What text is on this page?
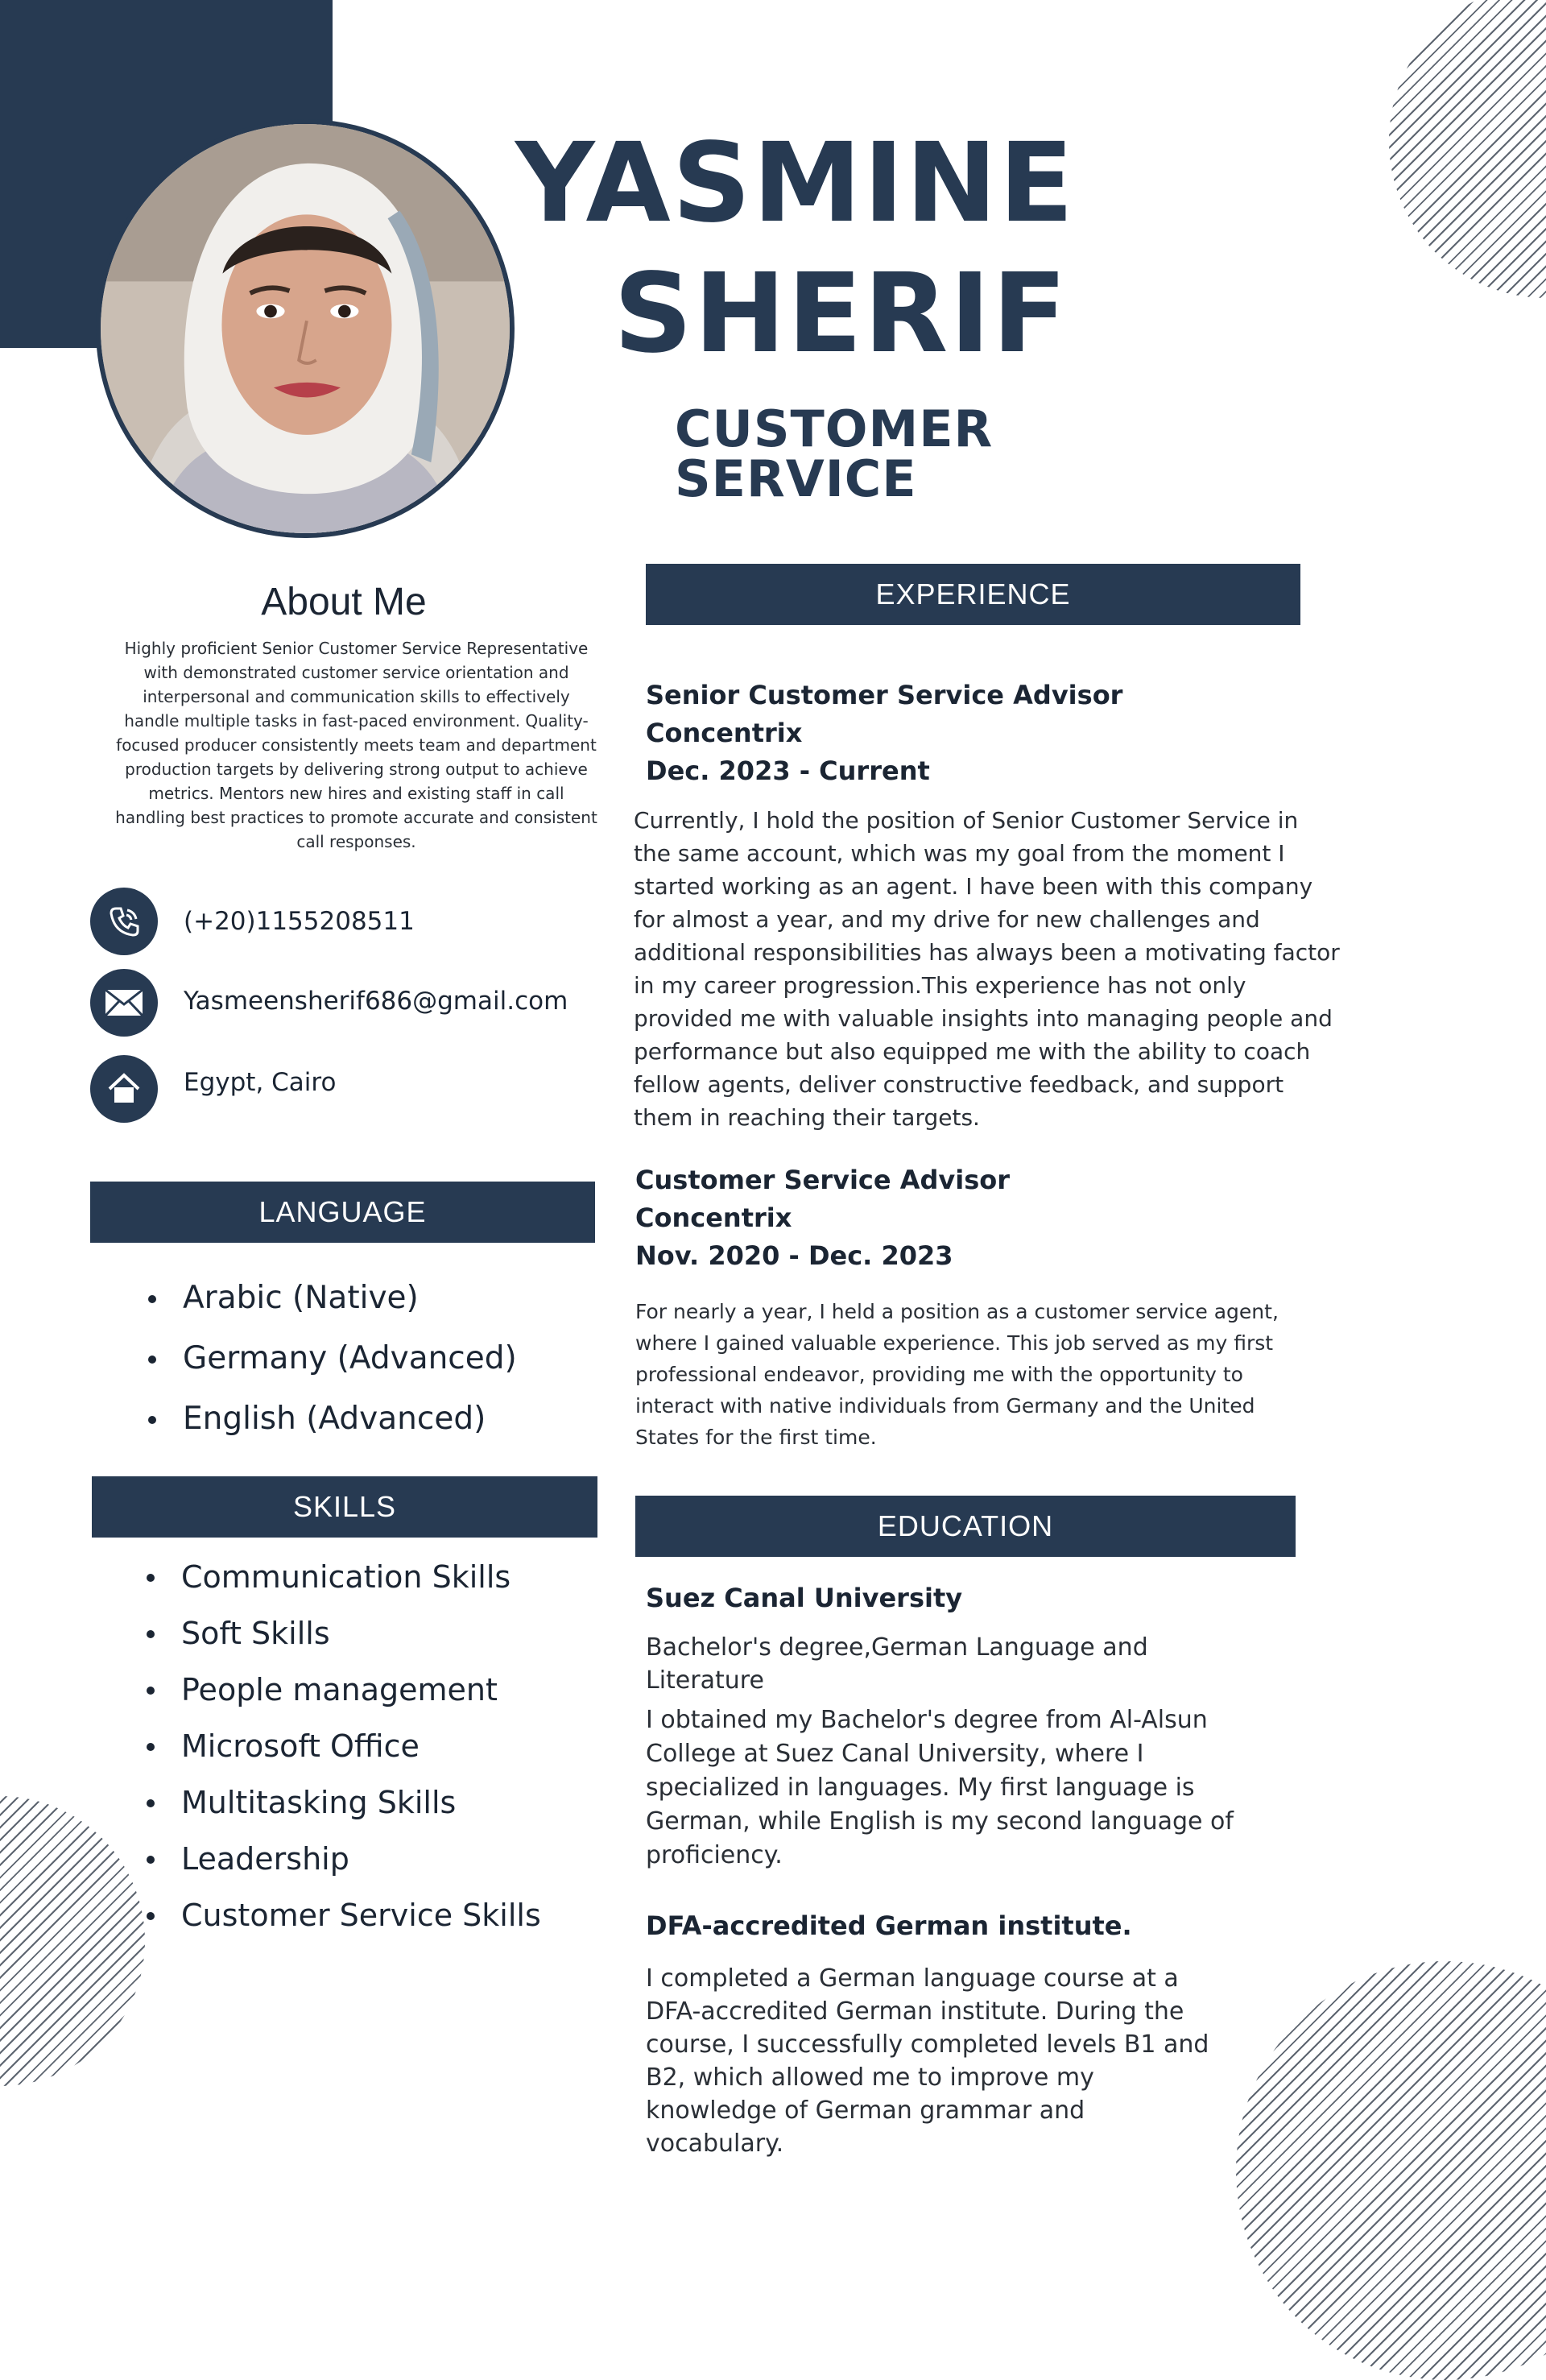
YASMINE
SHERIF
CUSTOMER
SERVICE
About Me
Highly proficient Senior Customer Service Representative with demonstrated customer service orientation and interpersonal and communication skills to effectively handle multiple tasks in fast-paced environment. Quality-focused producer consistently meets team and department production targets by delivering strong output to achieve metrics. Mentors new hires and existing staff in call handling best practices to promote accurate and consistent call responses.
(+20)1155208511
Yasmeensherif686@gmail.com
Egypt, Cairo
EXPERIENCE
LANGUAGE
SKILLS
EDUCATION
Arabic (Native)
Germany (Advanced)
English (Advanced)
Communication Skills
Soft Skills
People management
Microsoft Office
Multitasking Skills
Leadership
Customer Service Skills
Senior Customer Service Advisor
Concentrix
Dec. 2023 - Current
Currently, I hold the position of Senior Customer Service in the same account, which was my goal from the moment I started working as an agent. I have been with this company for almost a year, and my drive for new challenges and additional responsibilities has always been a motivating factor in my career progression.This experience has not only provided me with valuable insights into managing people and performance but also equipped me with the ability to coach fellow agents, deliver constructive feedback, and support them in reaching their targets.
Customer Service Advisor
Concentrix
Nov. 2020 - Dec. 2023
For nearly a year, I held a position as a customer service agent, where I gained valuable experience. This job served as my first professional endeavor, providing me with the opportunity to interact with native individuals from Germany and the United States for the first time.
Suez Canal University
Bachelor's degree,German Language and Literature
I obtained my Bachelor's degree from Al-Alsun College at Suez Canal University, where I specialized in languages. My first language is German, while English is my second language of proficiency.
DFA-accredited German institute.
I completed a German language course at a DFA-accredited German institute. During the course, I successfully completed levels B1 and B2, which allowed me to improve my knowledge of German grammar and vocabulary.
